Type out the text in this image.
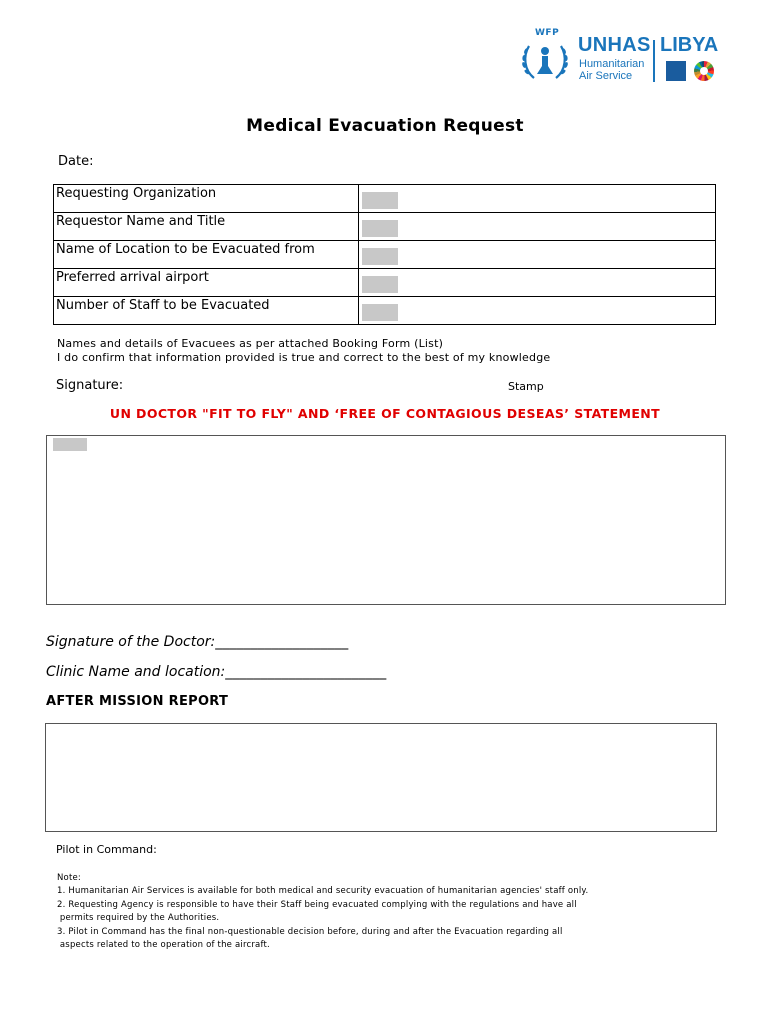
WFP
UNHAS
Humanitarian
Air Service
LIBYA
Medical Evacuation Request
Date:
Requesting Organization	

Requestor Name and Title	

Name of Location to be Evacuated from	

Preferred arrival airport	

Number of Staff to be Evacuated	
Names and details of Evacuees as per attached Booking Form (List)
I do confirm that information provided is true and correct to the best of my knowledge
Signature:	Stamp
UN DOCTOR "FIT TO FLY" AND ‘FREE OF CONTAGIOUS DESEAS’ STATEMENT
Signature of the Doctor:___________________
Clinic Name and location:_______________________
AFTER MISSION REPORT
Pilot in Command:
Note:
1. Humanitarian Air Services is available for both medical and security evacuation of humanitarian agencies' staff only.
2. Requesting Agency is responsible to have their Staff being evacuated complying with the regulations and have all
permits required by the Authorities.
3. Pilot in Command has the final non-questionable decision before, during and after the Evacuation regarding all
aspects related to the operation of the aircraft.
